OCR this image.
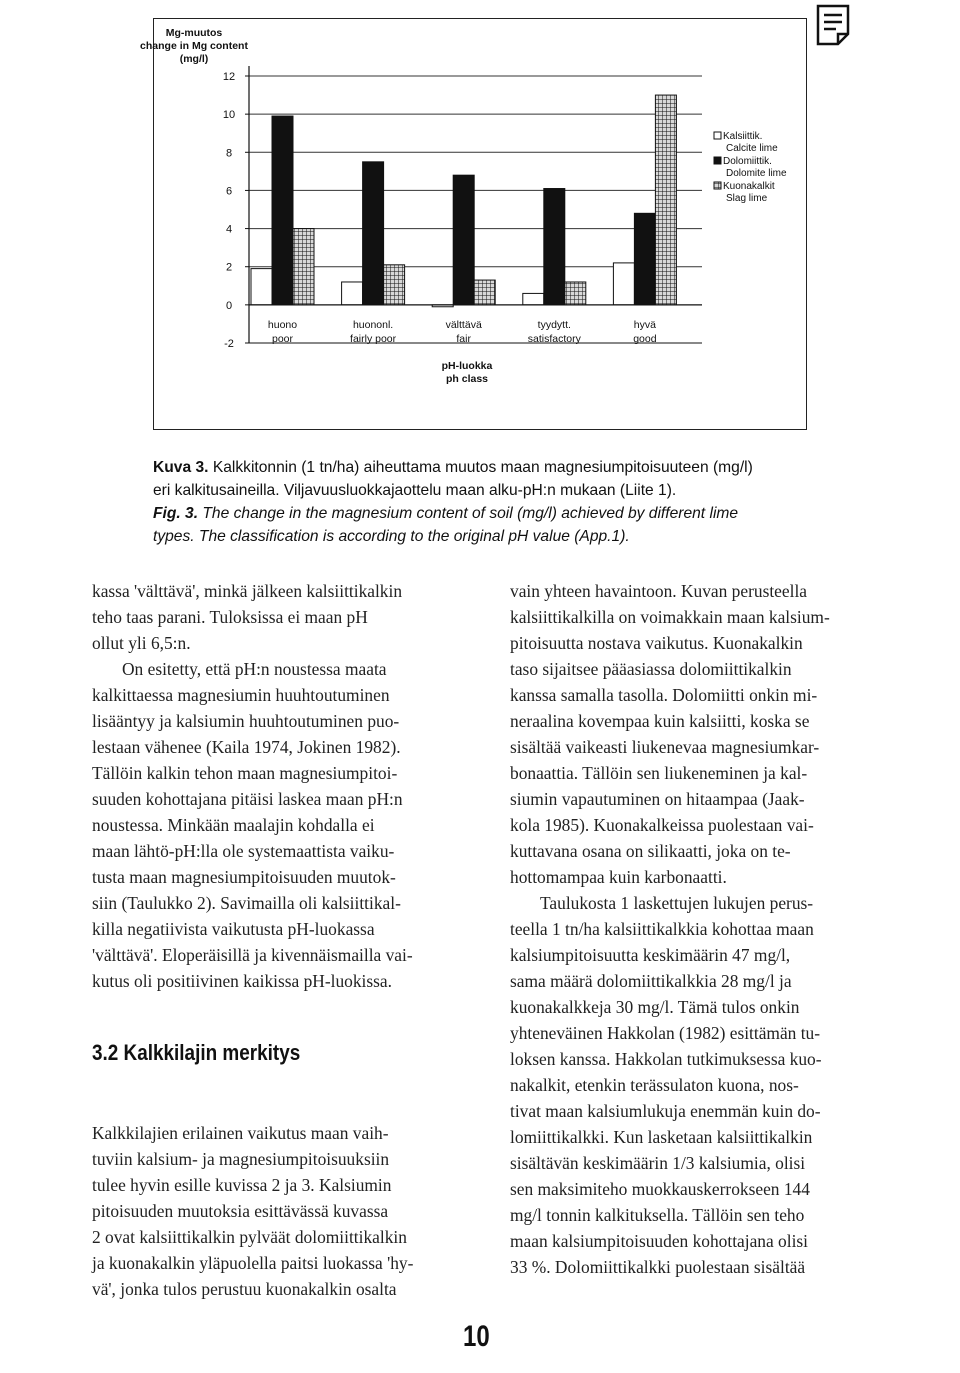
-2
0
2
4
6
8
10
12
huono
poor
huononl.
fairly poor
välttävä
fair
tyydytt.
satisfactory
hyvä
good
Mg-muutos
change in Mg content
(mg/l)
pH-luokka
ph class
Kalsiittik.
Calcite lime
Dolomiittik.
Dolomite lime
Kuonakalkit
Slag lime
Kuva 3. Kalkkitonnin (1 tn/ha) aiheuttama muutos maan magnesiumpitoisuuteen (mg/l)
eri kalkitusaineilla. Viljavuusluokkajaottelu maan alku-pH:n mukaan (Liite 1).
Fig. 3. The change in the magnesium content of soil (mg/l) achieved by different lime
types. The classification is according to the original pH value (App.1).
kassa 'välttävä', minkä jälkeen kalsiittikalkin
teho taas parani. Tuloksissa ei maan pH
ollut yli 6,5:n.
On esitetty, että pH:n noustessa maata
kalkittaessa magnesiumin huuhtoutuminen
lisääntyy ja kalsiumin huuhtoutuminen puo-
lestaan vähenee (Kaila 1974, Jokinen 1982).
Tällöin kalkin tehon maan magnesiumpitoi-
suuden kohottajana pitäisi laskea maan pH:n
noustessa. Minkään maalajin kohdalla ei
maan lähtö-pH:lla ole systemaattista vaiku-
tusta maan magnesiumpitoisuuden muutok-
siin (Taulukko 2). Savimailla oli kalsiittikal-
killa negatiivista vaikutusta pH-luokassa
'välttävä'. Eloperäisillä ja kivennäismailla vai-
kutus oli positiivinen kaikissa pH-luokissa.
3.2 Kalkkilajin merkitys
Kalkkilajien erilainen vaikutus maan vaih-
tuviin kalsium- ja magnesiumpitoisuuksiin
tulee hyvin esille kuvissa 2 ja 3. Kalsiumin
pitoisuuden muutoksia esittävässä kuvassa
2 ovat kalsiittikalkin pylväät dolomiittikalkin
ja kuonakalkin yläpuolella paitsi luokassa 'hy-
vä', jonka tulos perustuu kuonakalkin osalta
vain yhteen havaintoon. Kuvan perusteella
kalsiittikalkilla on voimakkain maan kalsium-
pitoisuutta nostava vaikutus. Kuonakalkin
taso sijaitsee pääasiassa dolomiittikalkin
kanssa samalla tasolla. Dolomiitti onkin mi-
neraalina kovempaa kuin kalsiitti, koska se
sisältää vaikeasti liukenevaa magnesiumkar-
bonaattia. Tällöin sen liukeneminen ja kal-
siumin vapautuminen on hitaampaa (Jaak-
kola 1985). Kuonakalkeissa puolestaan vai-
kuttavana osana on silikaatti, joka on te-
hottomampaa kuin karbonaatti.
Taulukosta 1 laskettujen lukujen perus-
teella 1 tn/ha kalsiittikalkkia kohottaa maan
kalsiumpitoisuutta keskimäärin 47 mg/l,
sama määrä dolomiittikalkkia 28 mg/l ja
kuonakalkkeja 30 mg/l. Tämä tulos onkin
yhteneväinen Hakkolan (1982) esittämän tu-
loksen kanssa. Hakkolan tutkimuksessa kuo-
nakalkit, etenkin terässulaton kuona, nos-
tivat maan kalsiumlukuja enemmän kuin do-
lomiittikalkki. Kun lasketaan kalsiittikalkin
sisältävän keskimäärin 1/3 kalsiumia, olisi
sen maksimiteho muokkauskerrokseen 144
mg/l tonnin kalkituksella. Tällöin sen teho
maan kalsiumpitoisuuden kohottajana olisi
33 %. Dolomiittikalkki puolestaan sisältää
10
